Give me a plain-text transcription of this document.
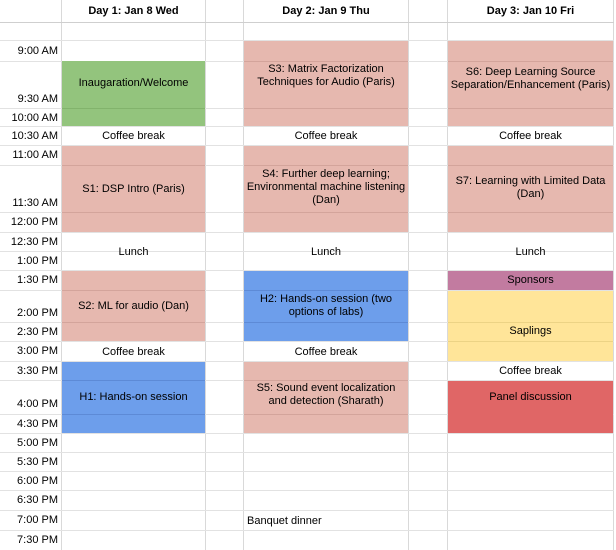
Day 1: Jan 8 Wed	Day 2: Jan 9 Thu	Day 3: Jan 10 Fri
9:00 AM
9:30 AM
10:00 AM
10:30 AM
11:00 AM
11:30 AM
12:00 PM
12:30 PM
1:00 PM
1:30 PM
2:00 PM
2:30 PM
3:00 PM
3:30 PM
4:00 PM
4:30 PM
5:00 PM
5:30 PM
6:00 PM
6:30 PM
7:00 PM
7:30 PM
Inaugaration/Welcome
Coffee break
S1: DSP Intro (Paris)
Lunch
S2: ML for audio (Dan)
Coffee break
H1: Hands-on session
S3: Matrix Factorization Techniques for Audio (Paris)
Coffee break
S4: Further deep learning; Environmental machine listening (Dan)
Lunch
H2: Hands-on session (two options of labs)
Coffee break
S5: Sound event localization and detection (Sharath)
Banquet dinner
S6: Deep Learning Source Separation/Enhancement (Paris)
Coffee break
S7: Learning with Limited Data (Dan)
Lunch
Sponsors
Saplings
Coffee break
Panel discussion
